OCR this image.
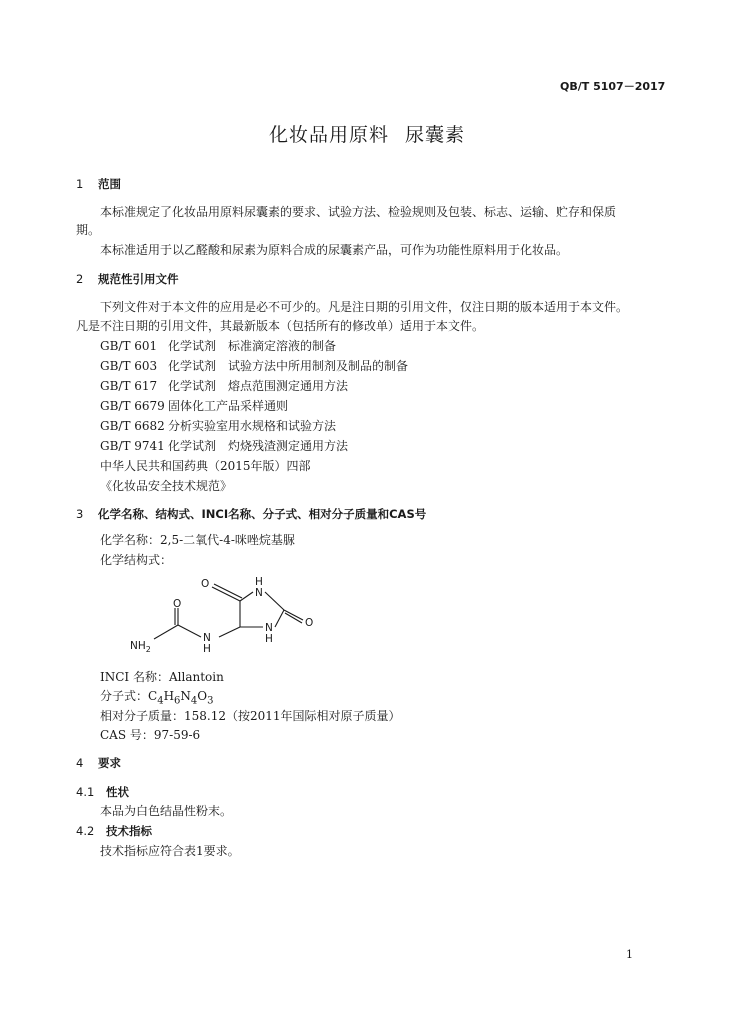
QB/T 5107－2017
化妆品用原料 尿囊素
1 范围
本标准规定了化妆品用原料尿囊素的要求、试验方法、检验规则及包装、标志、运输、贮存和保质
期。
本标准适用于以乙醛酸和尿素为原料合成的尿囊素产品，可作为功能性原料用于化妆品。
2 规范性引用文件
下列文件对于本文件的应用是必不可少的。凡是注日期的引用文件，仅注日期的版本适用于本文件。
凡是不注日期的引用文件，其最新版本（包括所有的修改单）适用于本文件。
GB/T 601 化学试剂　标准滴定溶液的制备
GB/T 603 化学试剂　试验方法中所用制剂及制品的制备
GB/T 617 化学试剂　熔点范围测定通用方法
GB/T 6679 固体化工产品采样通则
GB/T 6682 分析实验室用水规格和试验方法
GB/T 9741 化学试剂　灼烧残渣测定通用方法
中华人民共和国药典（2015年版）四部
《化妆品安全技术规范》
3 化学名称、结构式、INCI名称、分子式、相对分子质量和CAS号
化学名称：2,5-二氧代-4-咪唑烷基脲
化学结构式：
O	H
N
O
O
$NH_2$
N
H
N
H
INCI 名称：Allantoin
分子式：$C_4H_6N_4O_3$
相对分子质量：158.12（按2011年国际相对原子质量）
CAS 号：97-59-6
4 要求
4.1 性状
本品为白色结晶性粉末。
4.2 技术指标
技术指标应符合表1要求。
1
